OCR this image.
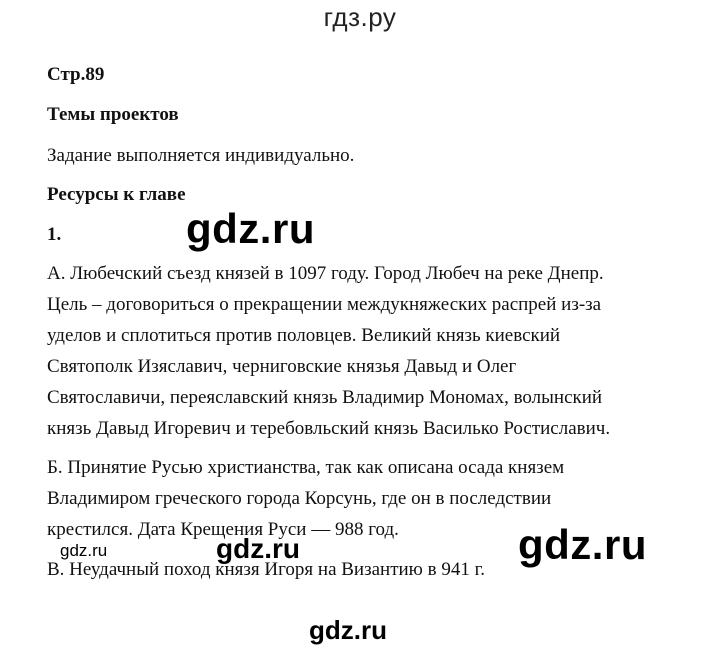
гдз.ру
Стр.89
Темы проектов
Задание выполняется индивидуально.
Ресурсы к главе
1.
А. Любечский съезд князей в 1097 году. Город Любеч на реке Днепр.
Цель – договориться о прекращении междукняжеских распрей из-за
уделов и сплотиться против половцев. Великий князь киевский
Святополк Изяславич, черниговские князья Давыд и Олег
Святославичи, переяславский князь Владимир Мономах, волынский
князь Давыд Игоревич и теребовльский князь Василько Ростиславич.
Б. Принятие Русью христианства, так как описана осада князем
Владимиром греческого города Корсунь, где он в последствии
крестился. Дата Крещения Руси — 988 год.
В. Неудачный поход князя Игоря на Византию в 941 г.
gdz.ru
gdz.ru	gdz.ru	gdz.ru
gdz.ru
